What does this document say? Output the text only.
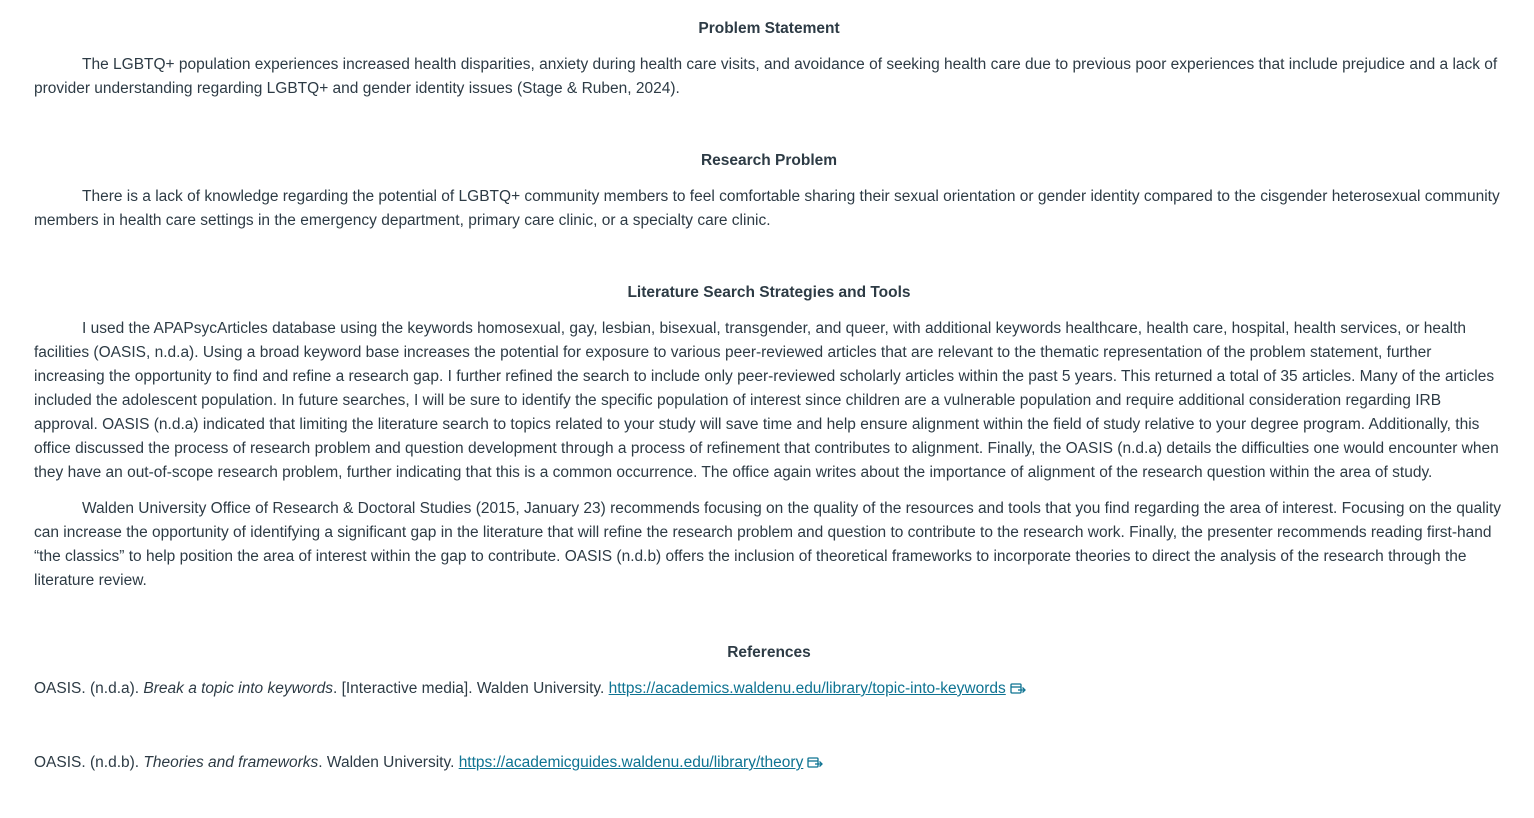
Problem Statement

The LGBTQ+ population experiences increased health disparities, anxiety during health care visits, and avoidance of seeking health care due to previous poor experiences that include prejudice and a lack of provider understanding regarding LGBTQ+ and gender identity issues (Stage & Ruben, 2024).

Research Problem

There is a lack of knowledge regarding the potential of LGBTQ+ community members to feel comfortable sharing their sexual orientation or gender identity compared to the cisgender heterosexual community members in health care settings in the emergency department, primary care clinic, or a specialty care clinic.

Literature Search Strategies and Tools

I used the APAPsycArticles database using the keywords homosexual, gay, lesbian, bisexual, transgender, and queer, with additional keywords healthcare, health care, hospital, health services, or health facilities (OASIS, n.d.a). Using a broad keyword base increases the potential for exposure to various peer-reviewed articles that are relevant to the thematic representation of the problem statement, further increasing the opportunity to find and refine a research gap. I further refined the search to include only peer-reviewed scholarly articles within the past 5 years. This returned a total of 35 articles. Many of the articles included the adolescent population. In future searches, I will be sure to identify the specific population of interest since children are a vulnerable population and require additional consideration regarding IRB approval. OASIS (n.d.a) indicated that limiting the literature search to topics related to your study will save time and help ensure alignment within the field of study relative to your degree program. Additionally, this office discussed the process of research problem and question development through a process of refinement that contributes to alignment. Finally, the OASIS (n.d.a) details the difficulties one would encounter when they have an out-of-scope research problem, further indicating that this is a common occurrence. The office again writes about the importance of alignment of the research question within the area of study.

Walden University Office of Research & Doctoral Studies (2015, January 23) recommends focusing on the quality of the resources and tools that you find regarding the area of interest. Focusing on the quality can increase the opportunity of identifying a significant gap in the literature that will refine the research problem and question to contribute to the research work. Finally, the presenter recommends reading first-hand “the classics” to help position the area of interest within the gap to contribute. OASIS (n.d.b) offers the inclusion of theoretical frameworks to incorporate theories to direct the analysis of the research through the literature review.

References

OASIS. (n.d.a). Break a topic into keywords. [Interactive media]. Walden University. https://academics.waldenu.edu/library/topic-into-keywords

OASIS. (n.d.b). Theories and frameworks. Walden University. https://academicguides.waldenu.edu/library/theory
